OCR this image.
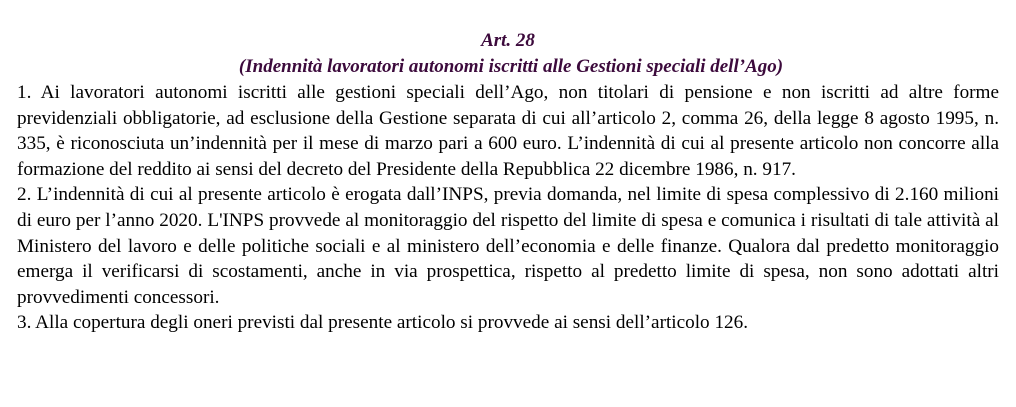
Art. 28
(Indennità lavoratori autonomi iscritti alle Gestioni speciali dell’Ago)

1. Ai lavoratori autonomi iscritti alle gestioni speciali dell’Ago, non titolari di pensione e non iscritti ad altre forme previdenziali obbligatorie, ad esclusione della Gestione separata di cui all’articolo 2, comma 26, della legge 8 agosto 1995, n. 335, è riconosciuta un’indennità per il mese di marzo pari a 600 euro. L’indennità di cui al presente articolo non concorre alla formazione del reddito ai sensi del decreto del Presidente della Repubblica 22 dicembre 1986, n. 917.

2. L’indennità di cui al presente articolo è erogata dall’INPS, previa domanda, nel limite di spesa complessivo di 2.160 milioni di euro per l’anno 2020. L'INPS provvede al monitoraggio del rispetto del limite di spesa e comunica i risultati di tale attività al Ministero del lavoro e delle politiche sociali e al ministero dell’economia e delle finanze. Qualora dal predetto monitoraggio emerga il verificarsi di scostamenti, anche in via prospettica, rispetto al predetto limite di spesa, non sono adottati altri provvedimenti concessori.

3. Alla copertura degli oneri previsti dal presente articolo si provvede ai sensi dell’articolo 126.
